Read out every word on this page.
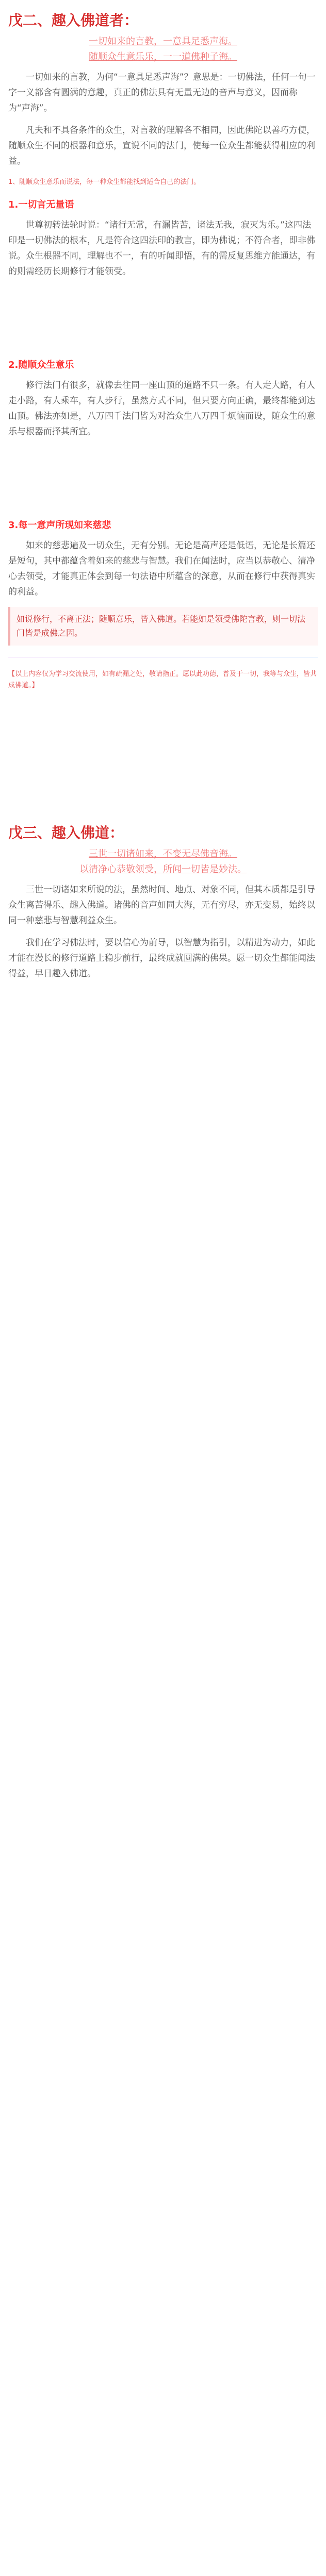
戊二、趣入佛道者：
一切如来的言教，一意具足悉声海。
随顺众生意乐乐，一一道佛种子海。
一切如来的言教，为何“一意具足悉声海”？意思是：一切佛法，任何一句一字一义都含有圆满的意趣，真正的佛法具有无量无边的音声与意义，因而称为“声海”。
凡夫和不具备条件的众生，对言教的理解各不相同，因此佛陀以善巧方便，随顺众生不同的根器和意乐，宣说不同的法门，使每一位众生都能获得相应的利益。
1、随顺众生意乐而说法，每一种众生都能找到适合自己的法门。
1.一切言无量语
世尊初转法轮时说：“诸行无常，有漏皆苦，诸法无我，寂灭为乐。”这四法印是一切佛法的根本，凡是符合这四法印的教言，即为佛说；不符合者，即非佛说。众生根器不同，理解也不一，有的听闻即悟，有的需反复思维方能通达，有的则需经历长期修行才能领受。
2.随顺众生意乐
修行法门有很多，就像去往同一座山顶的道路不只一条。有人走大路，有人走小路，有人乘车，有人步行，虽然方式不同，但只要方向正确，最终都能到达山顶。佛法亦如是，八万四千法门皆为对治众生八万四千烦恼而设，随众生的意乐与根器而择其所宜。
3.每一意声所现如来慈悲
如来的慈悲遍及一切众生，无有分别。无论是高声还是低语，无论是长篇还是短句，其中都蕴含着如来的慈悲与智慧。我们在闻法时，应当以恭敬心、清净心去领受，才能真正体会到每一句法语中所蕴含的深意，从而在修行中获得真实的利益。
如说修行，不离正法；随顺意乐，皆入佛道。若能如是领受佛陀言教，则一切法门皆是成佛之因。
【以上内容仅为学习交流使用，如有疏漏之处，敬请指正。愿以此功德，普及于一切，我等与众生，皆共成佛道。】
戊三、趣入佛道：
三世一切诸如来，不变无尽佛音海。
以清净心恭敬领受，所闻一切皆是妙法。
三世一切诸如来所说的法，虽然时间、地点、对象不同，但其本质都是引导众生离苦得乐、趣入佛道。诸佛的音声如同大海，无有穷尽，亦无变易，始终以同一种慈悲与智慧利益众生。
我们在学习佛法时，要以信心为前导，以智慧为指引，以精进为动力，如此才能在漫长的修行道路上稳步前行，最终成就圆满的佛果。愿一切众生都能闻法得益，早日趣入佛道。
